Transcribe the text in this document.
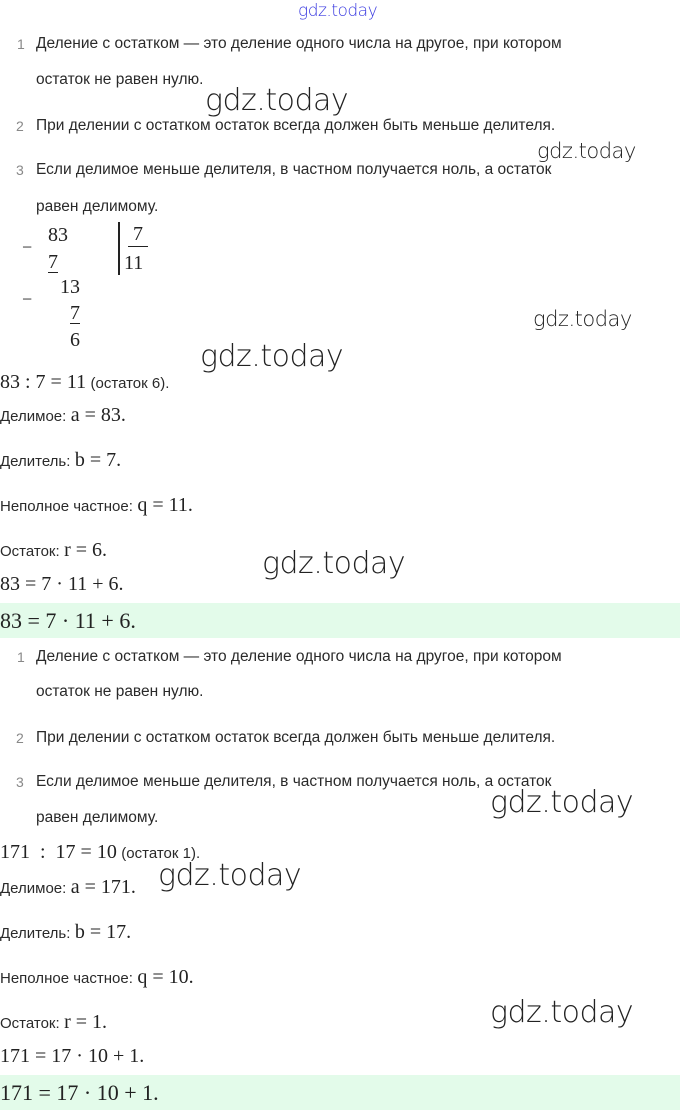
gdz.today
1 Деление с остатком — это деление одного числа на другое, при котором
остаток не равен нулю.
gdz.today
2 При делении с остатком остаток всегда должен быть меньше делителя.
gdz.today
3 Если делимое меньше делителя, в частном получается ноль, а остаток
равен делимому.
−
83
7
7
11
−
13
7
6
gdz.today
gdz.today
83 : 7 = 11 (остаток 6).
Делимое: a = 83.
Делитель: b = 7.
Неполное частное: q = 11.
Остаток: r = 6.	gdz.today
83 = 7 · 11 + 6.
83 = 7 · 11 + 6.
1 Деление с остатком — это деление одного числа на другое, при котором
остаток не равен нулю.
2 При делении с остатком остаток всегда должен быть меньше делителя.
3 Если делимое меньше делителя, в частном получается ноль, а остаток
равен делимому.	gdz.today
171  :  17 = 10 (остаток 1).
Делимое: a = 171. gdz.today
Делитель: b = 17.
Неполное частное: q = 10.
Остаток: r = 1.	gdz.today
171 = 17 · 10 + 1.
171 = 17 · 10 + 1.
